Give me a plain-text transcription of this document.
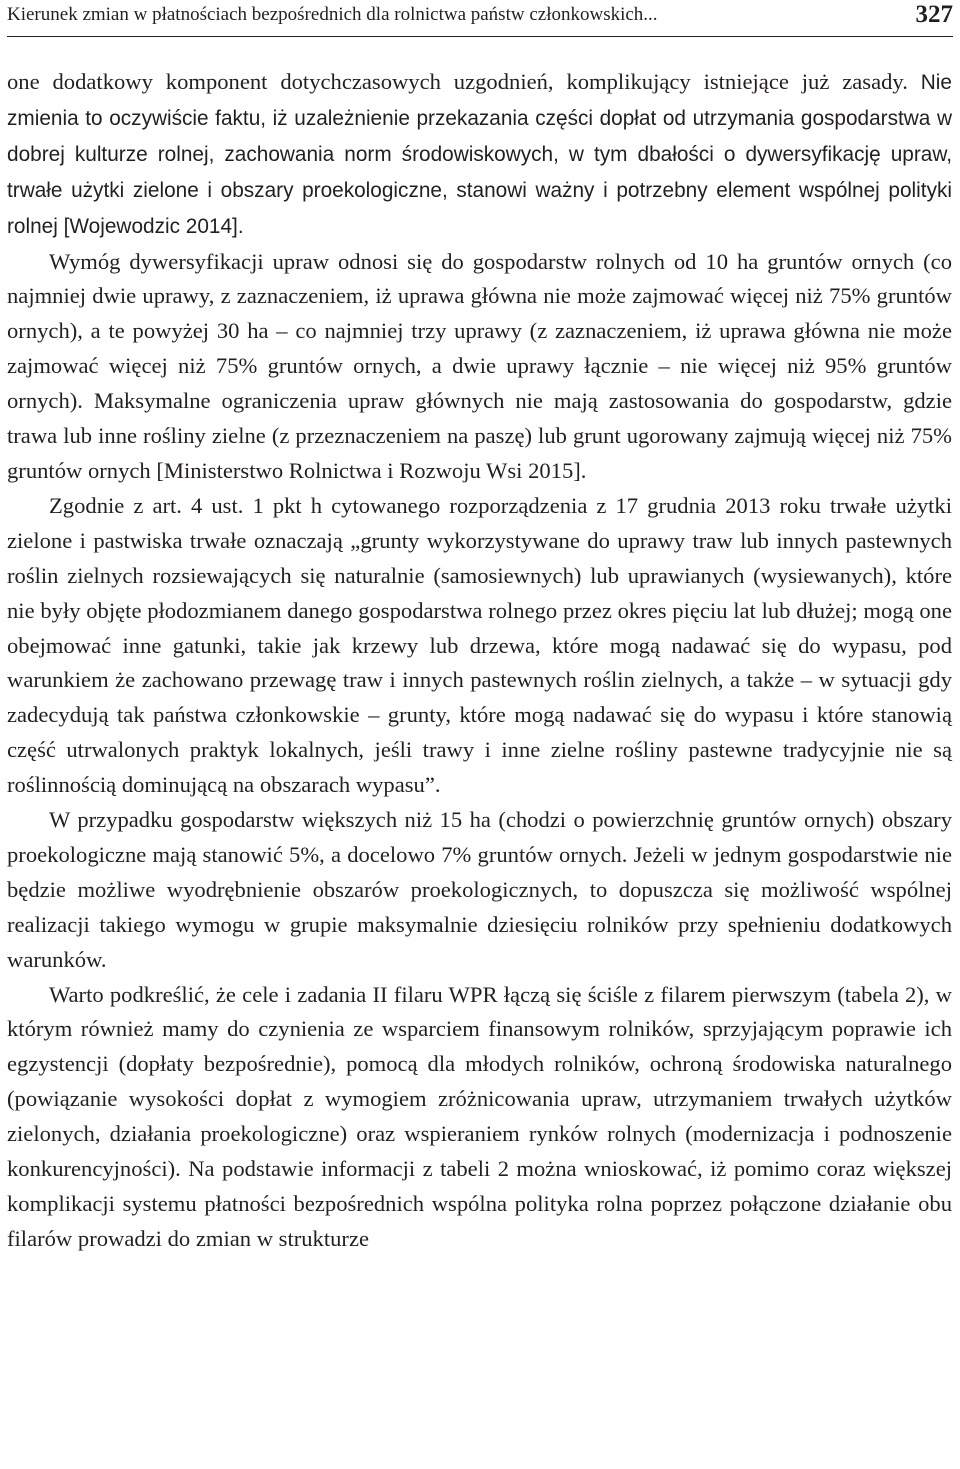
Kierunek zmian w płatnościach bezpośrednich dla rolnictwa państw członkowskich...	327

one dodatkowy komponent dotychczasowych uzgodnień, komplikujący istniejące już zasady. Nie zmienia to oczywiście faktu, iż uzależnienie przekazania części dopłat od utrzymania gospodarstwa w dobrej kulturze rolnej, zachowania norm środowiskowych, w tym dbałości o dywersyfikację upraw, trwałe użytki zielone i obszary proekologiczne, stanowi ważny i potrzebny element wspólnej polityki rolnej [Wojewodzic 2014].

Wymóg dywersyfikacji upraw odnosi się do gospodarstw rolnych od 10 ha gruntów ornych (co najmniej dwie uprawy, z zaznaczeniem, iż uprawa główna nie może zajmować więcej niż 75% gruntów ornych), a te powyżej 30 ha – co najmniej trzy uprawy (z zaznaczeniem, iż uprawa główna nie może zajmować więcej niż 75% gruntów ornych, a dwie uprawy łącznie – nie więcej niż 95% gruntów ornych). Maksymalne ograniczenia upraw głównych nie mają zastosowania do gospodarstw, gdzie trawa lub inne rośliny zielne (z przeznaczeniem na paszę) lub grunt ugorowany zajmują więcej niż 75% gruntów ornych [Ministerstwo Rolnictwa i Rozwoju Wsi 2015].

Zgodnie z art. 4 ust. 1 pkt h cytowanego rozporządzenia z 17 grudnia 2013 roku trwałe użytki zielone i pastwiska trwałe oznaczają „grunty wykorzystywane do uprawy traw lub innych pastewnych roślin zielnych rozsiewających się naturalnie (samosiewnych) lub uprawianych (wysiewanych), które nie były objęte płodozmianem danego gospodarstwa rolnego przez okres pięciu lat lub dłużej; mogą one obejmować inne gatunki, takie jak krzewy lub drzewa, które mogą nadawać się do wypasu, pod warunkiem że zachowano przewagę traw i innych pastewnych roślin zielnych, a także – w sytuacji gdy zadecydują tak państwa członkowskie – grunty, które mogą nadawać się do wypasu i które stanowią część utrwalonych praktyk lokalnych, jeśli trawy i inne zielne rośliny pastewne tradycyjnie nie są roślinnością dominującą na obszarach wypasu”.

W przypadku gospodarstw większych niż 15 ha (chodzi o powierzchnię gruntów ornych) obszary proekologiczne mają stanowić 5%, a docelowo 7% gruntów ornych. Jeżeli w jednym gospodarstwie nie będzie możliwe wyodrębnienie obszarów proekologicznych, to dopuszcza się możliwość wspólnej realizacji takiego wymogu w grupie maksymalnie dziesięciu rolników przy spełnieniu dodatkowych warunków.

Warto podkreślić, że cele i zadania II filaru WPR łączą się ściśle z filarem pierwszym (tabela 2), w którym również mamy do czynienia ze wsparciem finansowym rolników, sprzyjającym poprawie ich egzystencji (dopłaty bezpośrednie), pomocą dla młodych rolników, ochroną środowiska naturalnego (powiązanie wysokości dopłat z wymogiem zróżnicowania upraw, utrzymaniem trwałych użytków zielonych, działania proekologiczne) oraz wspieraniem rynków rolnych (modernizacja i podnoszenie konkurencyjności). Na podstawie informacji z tabeli 2 można wnioskować, iż pomimo coraz większej komplikacji systemu płatności bezpośrednich wspólna polityka rolna poprzez połączone działanie obu filarów prowadzi do zmian w strukturze
